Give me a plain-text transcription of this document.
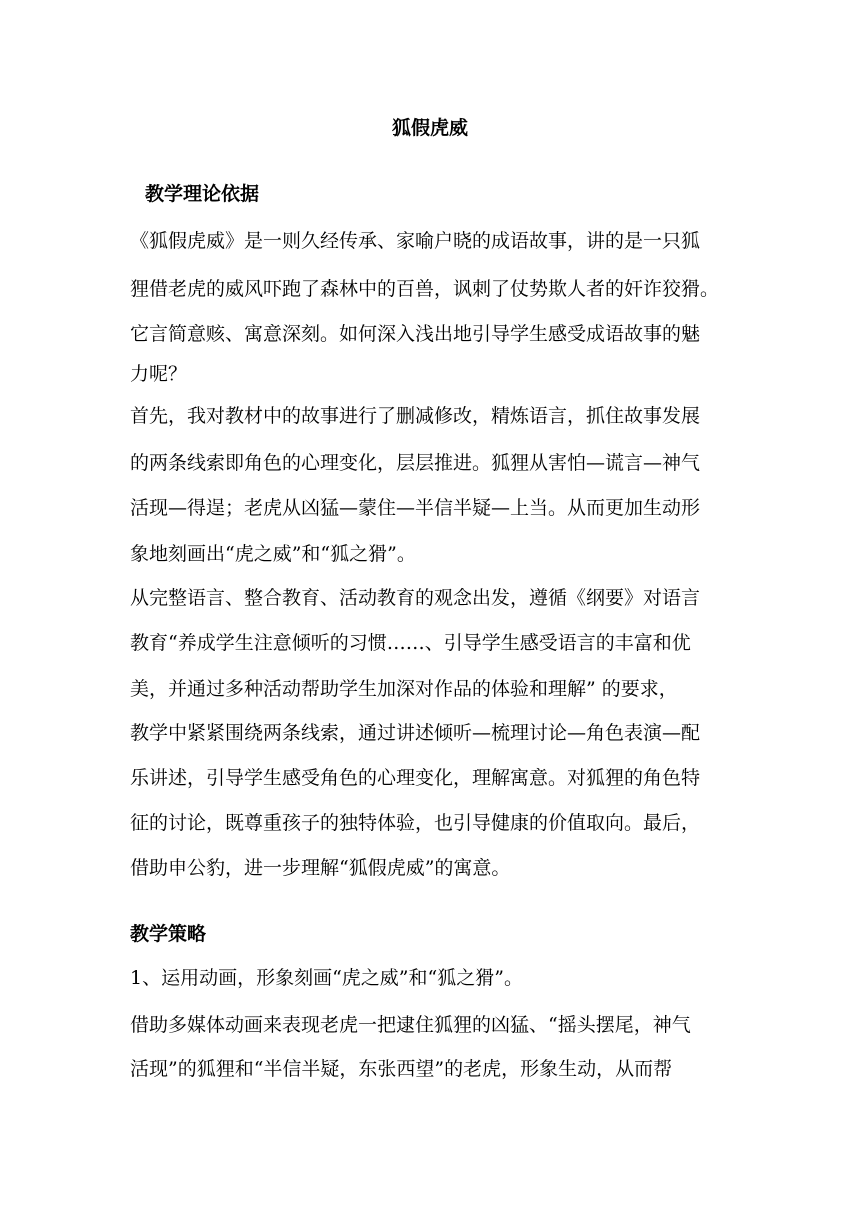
狐假虎威
教学理论依据
《狐假虎威》是一则久经传承、家喻户晓的成语故事，讲的是一只狐
狸借老虎的威风吓跑了森林中的百兽，讽刺了仗势欺人者的奸诈狡猾。
它言简意赅、寓意深刻。如何深入浅出地引导学生感受成语故事的魅
力呢？
首先，我对教材中的故事进行了删减修改，精炼语言，抓住故事发展
的两条线索即角色的心理变化，层层推进。狐狸从害怕—谎言—神气
活现—得逞；老虎从凶猛—蒙住—半信半疑—上当。从而更加生动形
象地刻画出“虎之威”和“狐之猾”。
从完整语言、整合教育、活动教育的观念出发，遵循《纲要》对语言
教育“养成学生注意倾听的习惯……、引导学生感受语言的丰富和优
美，并通过多种活动帮助学生加深对作品的体验和理解” 的要求，
教学中紧紧围绕两条线索，通过讲述倾听—梳理讨论—角色表演—配
乐讲述，引导学生感受角色的心理变化，理解寓意。对狐狸的角色特
征的讨论，既尊重孩子的独特体验，也引导健康的价值取向。最后，
借助申公豹，进一步理解“狐假虎威”的寓意。
教学策略
1、运用动画，形象刻画“虎之威”和“狐之猾”。
借助多媒体动画来表现老虎一把逮住狐狸的凶猛、“摇头摆尾，神气
活现”的狐狸和“半信半疑，东张西望”的老虎，形象生动，从而帮
